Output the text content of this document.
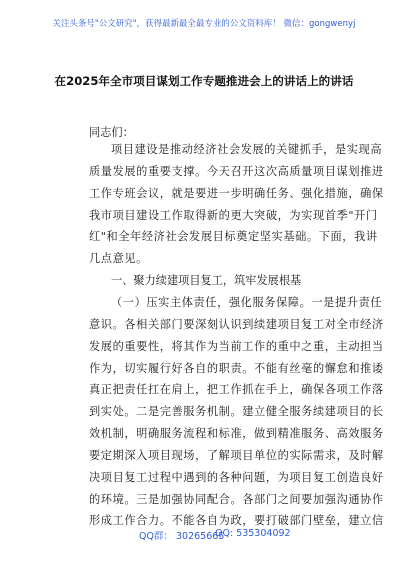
关注头条号"公文研究"，获得最新最全最专业的公文资料库！ 微信：gongwenyj
在2025年全市项目谋划工作专题推进会上的讲话上的讲话
同志们：
项目建设是推动经济社会发展的关键抓手，是实现高
质量发展的重要支撑。今天召开这次高质量项目谋划推进
工作专班会议，就是要进一步明确任务、强化措施，确保
我市项目建设工作取得新的更大突破，为实现首季"开门
红"和全年经济社会发展目标奠定坚实基础。下面，我讲
几点意见。
一、聚力续建项目复工，筑牢发展根基
（一）压实主体责任，强化服务保障。一是提升责任
意识。各相关部门要深刻认识到续建项目复工对全市经济
发展的重要性，将其作为当前工作的重中之重，主动担当
作为，切实履行好各自的职责。不能有丝毫的懈怠和推诿
真正把责任扛在肩上，把工作抓在手上，确保各项工作落
到实处。二是完善服务机制。建立健全服务续建项目的长
效机制，明确服务流程和标准，做到精准服务、高效服务
要定期深入项目现场，了解项目单位的实际需求，及时解
决项目复工过程中遇到的各种问题，为项目复工创造良好
的环境。三是加强协同配合。各部门之间要加强沟通协作
形成工作合力。不能各自为政，要打破部门壁垒，建立信
QQ群： 30265665
QQ: 535304092
